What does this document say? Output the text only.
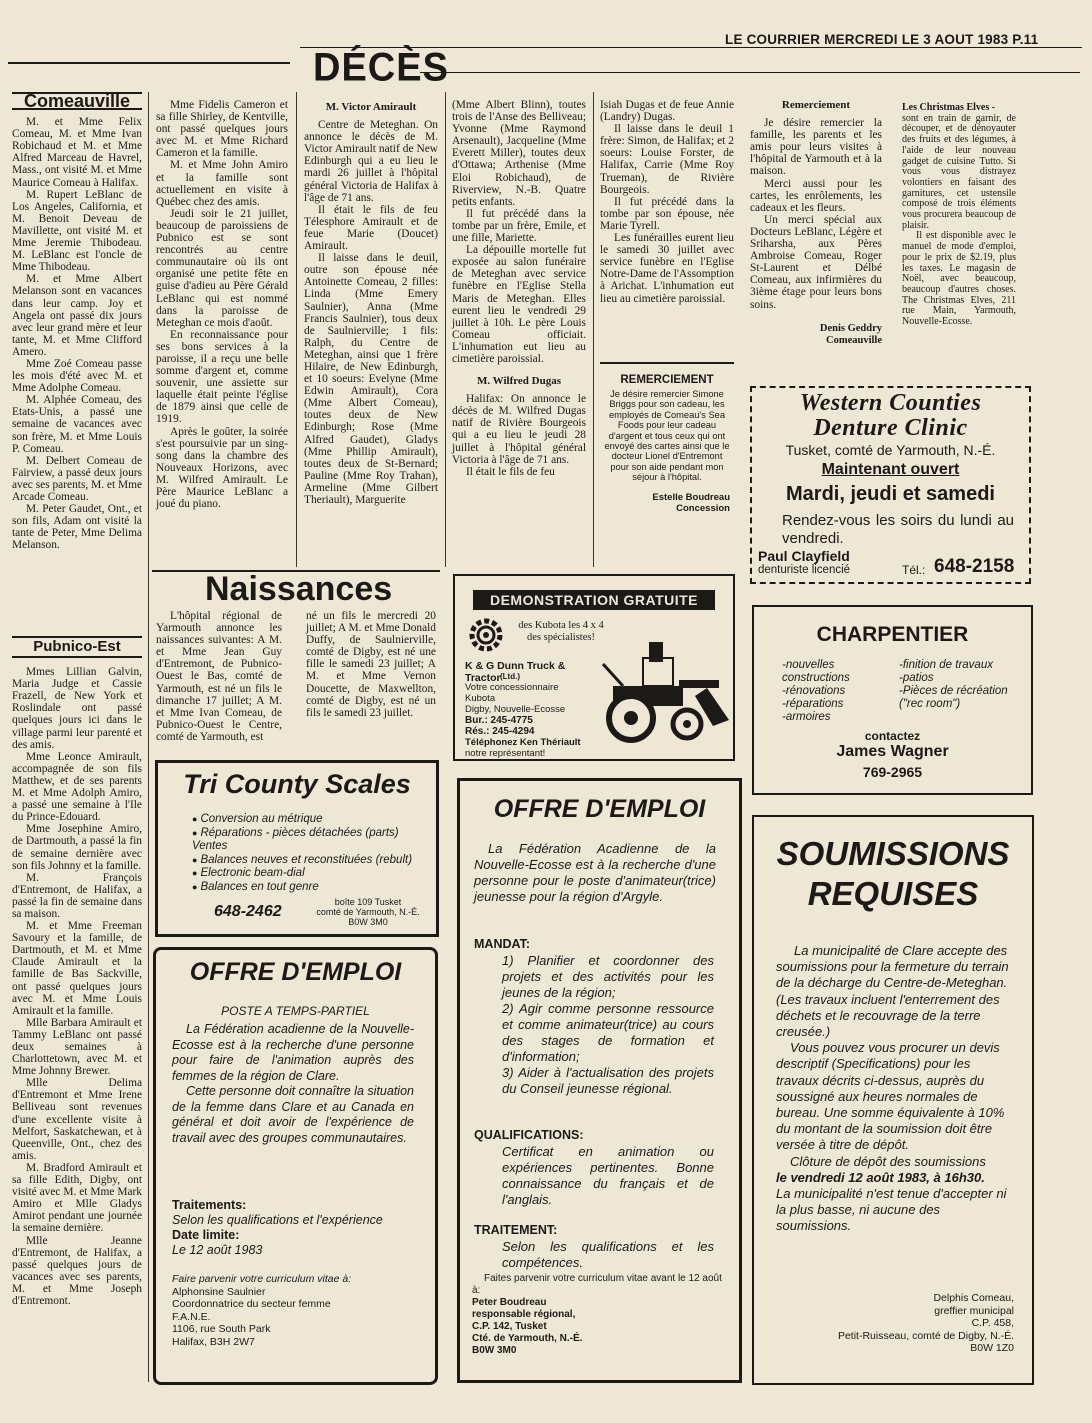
LE COURRIER MERCREDI LE 3 AOUT 1983 P.11
DÉCÈS
Comeauville

M. et Mme Felix Comeau, M. et Mme Ivan Robichaud et M. et Mme Alfred Marceau de Havrel, Mass., ont visité M. et Mme Maurice Comeau à Halifax.

M. Rupert LeBlanc de Los Angeles, California, et M. Benoit Deveau de Mavillette, ont visité M. et Mme Jeremie Thibodeau. M. LeBlanc est l'oncle de Mme Thibodeau.

M. et Mme Albert Melanson sont en vacances dans leur camp. Joy et Angela ont passé dix jours avec leur grand mère et leur tante, M. et Mme Clifford Amero.

Mme Zoé Comeau passe les mois d'été avec M. et Mme Adolphe Comeau.

M. Alphée Comeau, des Etats-Unis, a passé une semaine de vacances avec son frère, M. et Mme Louis P. Comeau.

M. Delbert Comeau de Fairview, a passé deux jours avec ses parents, M. et Mme Arcade Comeau.

M. Peter Gaudet, Ont., et son fils, Adam ont visité la tante de Peter, Mme Delima Melanson.

Pubnico-Est

Mmes Lillian Galvin, Maria Judge et Cassie Frazell, de New York et Roslindale ont passé quelques jours ici dans le village parmi leur parenté et des amis.

Mme Leonce Amirault, accompagnée de son fils Matthew, et de ses parents M. et Mme Adolph Amiro, a passé une semaine à l'Ile du Prince-Edouard.

Mme Josephine Amiro, de Dartmouth, a passé la fin de semaine dernière avec son fils Johnny et la famille.

M. François d'Entremont, de Halifax, a passé la fin de semaine dans sa maison.

M. et Mme Freeman Savoury et la famille, de Dartmouth, et M. et Mme Claude Amirault et la famille de Bas Sackville, ont passé quelques jours avec M. et Mme Louis Amirault et la famille.

Mlle Barbara Amirault et Tammy LeBlanc ont passé deux semaines à Charlottetown, avec M. et Mme Johnny Brewer.

Mlle Delima d'Entremont et Mme Irene Belliveau sont revenues d'une excellente visite à Melfort, Saskatchewan, et à Queenville, Ont., chez des amis.

M. Bradford Amirault et sa fille Edith, Digby, ont visité avec M. et Mme Mark Amiro et Mlle Gladys Amirot pendant une journée la semaine dernière.

Mlle Jeanne d'Entremont, de Halifax, a passé quelques jours de vacances avec ses parents, M. et Mme Joseph d'Entremont.

Mme Fidelis Cameron et sa fille Shirley, de Kentville, ont passé quelques jours avec M. et Mme Richard Cameron et la famille.

M. et Mme John Amiro et la famille sont actuellement en visite à Québec chez des amis.

Jeudi soir le 21 juillet, beaucoup de paroissiens de Pubnico est se sont rencontrés au centre communautaire où ils ont organisé une petite fête en guise d'adieu au Père Gérald LeBlanc qui est nommé dans la paroisse de Meteghan ce mois d'août.

En reconnaissance pour ses bons services à la paroisse, il a reçu une belle somme d'argent et, comme souvenir, une assiette sur laquelle était peinte l'église de 1879 ainsi que celle de 1919.

Après le goûter, la soirée s'est poursuivie par un sing-song dans la chambre des Nouveaux Horizons, avec M. Wilfred Amirault. Le Père Maurice LeBlanc a joué du piano.

M. Victor Amirault

Centre de Meteghan. On annonce le décès de M. Victor Amirault natif de New Edinburgh qui a eu lieu le mardi 26 juillet à l'hôpital général Victoria de Halifax à l'âge de 71 ans.

Il était le fils de feu Télesphore Amirault et de feue Marie (Doucet) Amirault.

Il laisse dans le deuil, outre son épouse née Antoinette Comeau, 2 filles: Linda (Mme Emery Saulnier), Anna (Mme Francis Saulnier), tous deux de Saulnierville; 1 fils: Ralph, du Centre de Meteghan, ainsi que 1 frère Hilaire, de New Edinburgh, et 10 soeurs: Evelyne (Mme Edwin Amirault), Cora (Mme Albert Comeau), toutes deux de New Edinburgh; Rose (Mme Alfred Gaudet), Gladys (Mme Phillip Amirault), toutes deux de St-Bernard; Pauline (Mme Roy Trahan), Armeline (Mme Gilbert Theriault), Marguerite

(Mme Albert Blinn), toutes trois de l'Anse des Belliveau; Yvonne (Mme Raymond Arsenault), Jacqueline (Mme Everett Miller), toutes deux d'Ottawa; Arthenise (Mme Eloi Robichaud), de Riverview, N.-B. Quatre petits enfants.

Il fut précédé dans la tombe par un frère, Emile, et une fille, Mariette.

La dépouille mortelle fut exposée au salon funéraire de Meteghan avec service funèbre en l'Eglise Stella Maris de Meteghan. Elles eurent lieu le vendredi 29 juillet à 10h. Le père Louis Comeau officiait. L'inhumation eut lieu au cimetière paroissial.

M. Wilfred Dugas

Halifax: On annonce le décès de M. Wilfred Dugas natif de Rivière Bourgeois qui a eu lieu le jeudi 28 juillet à l'hôpital général Victoria à l'âge de 71 ans.

Il était le fils de feu

Isiah Dugas et de feue Annie (Landry) Dugas.

Il laisse dans le deuil 1 frère: Simon, de Halifax; et 2 soeurs: Louise Forster, de Halifax, Carrie (Mme Roy Trueman), de Rivière Bourgeois.

Il fut précédé dans la tombe par son épouse, née Marie Tyrell.

Les funérailles eurent lieu le samedi 30 juillet avec service funèbre en l'Eglise Notre-Dame de l'Assomption à Arichat. L'inhumation eut lieu au cimetière paroissial.

REMERCIEMENT
Je désire remercier Simone Briggs pour son cadeau, les employés de Comeau's Sea Foods pour leur cadeau d'argent et tous ceux qui ont envoyé des cartes ainsi que le docteur Lionel d'Entremont pour son aide pendant mon séjour à l'hôpital.
Estelle Boudreau
Concession
Remerciement

Je désire remercier la famille, les parents et les amis pour leurs visites à l'hôpital de Yarmouth et à la maison.

Merci aussi pour les cartes, les enrôlements, les cadeaux et les fleurs.

Un merci spécial aux Docteurs LeBlanc, Légère et Sriharsha, aux Pères Ambroise Comeau, Roger St-Laurent et Délbé Comeau, aux infirmières du 3ième étage pour leurs bons soins.

Denis Geddry
Comeauville

Les Christmas Elves -

sont en train de garnir, de découper, et de dénoyauter des fruits et des légumes, à l'aide de leur nouveau gadget de cuisine Tutto. Si vous vous distrayez volontiers en faisant des garnitures, cet ustensile composé de trois éléments vous procurera beaucoup de plaisir.

Il est disponible avec le manuel de mode d'emploi, pour le prix de $2.19, plus les taxes. Le magasin de Noël, avec beaucoup, beaucoup d'autres choses. The Christmas Elves, 211 rue Main, Yarmouth, Nouvelle-Ecosse.

Western Counties
Denture Clinic
Tusket, comté de Yarmouth, N.-É.
Maintenant ouvert
Mardi, jeudi et samedi
Rendez-vous les soirs du lundi au vendredi.
Paul Clayfield
denturiste licencié	Tél.: 648-2158
Naissances

L'hôpital régional de Yarmouth annonce les naissances suivantes: A M. et Mme Jean Guy d'Entremont, de Pubnico-Ouest le Bas, comté de Yarmouth, est né un fils le dimanche 17 juillet; A M. et Mme Ivan Comeau, de Pubnico-Ouest le Centre, comté de Yarmouth, est

né un fils le mercredi 20 juillet; A M. et Mme Donald Duffy, de Saulnierville, comté de Digby, est né une fille le samedi 23 juillet; A M. et Mme Vernon Doucette, de Maxwellton, comté de Digby, est né un fils le samedi 23 juillet.

DEMONSTRATION GRATUITE
des Kubota les 4 x 4 des spécialistes!
K & G Dunn Truck & Tractor (Ltd.)
Votre concessionnaire Kubota
Digby, Nouvelle-Ecosse
Bur.: 245-4775
Rés.: 245-4294
Téléphonez Ken Thériault
notre représentant!
CHARPENTIER
-nouvelles constructions
-rénovations
-réparations
-armoires
-finition de travaux
-patios
-Pièces de récréation ("rec room")
contactez
James Wagner
769-2965
Tri County Scales
● Conversion au métrique
● Réparations - pièces détachées (parts) Ventes
● Balances neuves et reconstituées (rebult)
● Electronic beam-dial
● Balances en tout genre
648-2462
boîte 109 Tusket
comté de Yarmouth, N.-É.
B0W 3M0
OFFRE D'EMPLOI
POSTE A TEMPS-PARTIEL
La Fédération acadienne de la Nouvelle-Ecosse est à la recherche d'une personne pour faire de l'animation auprès des femmes de la région de Clare.
Cette personne doit connaître la situation de la femme dans Clare et au Canada en général et doit avoir de l'expérience de travail avec des groupes communautaires.
Traitements:
Selon les qualifications et l'expérience
Date limite:
Le 12 août 1983
Faire parvenir votre curriculum vitae à:
Alphonsine Saulnier
Coordonnatrice du secteur femme
F.A.N.E.
1106, rue South Park
Halifax, B3H 2W7
OFFRE D'EMPLOI
La Fédération Acadienne de la Nouvelle-Ecosse est à la recherche d'une personne pour le poste d'animateur(trice) jeunesse pour la région d'Argyle.
MANDAT:
1) Planifier et coordonner des projets et des activités pour les jeunes de la région;
2) Agir comme personne ressource et comme animateur(trice) au cours des stages de formation et d'information;
3) Aider à l'actualisation des projets du Conseil jeunesse régional.
QUALIFICATIONS:
Certificat en animation ou expériences pertinentes. Bonne connaissance du français et de l'anglais.
TRAITEMENT:
Selon les qualifications et les compétences.
Faites parvenir votre curriculum vitae avant le 12 août à:
Peter Boudreau
responsable régional,
C.P. 142, Tusket
Cté. de Yarmouth, N.-É.
B0W 3M0
SOUMISSIONS
REQUISES
La municipalité de Clare accepte des soumissions pour la fermeture du terrain de la décharge du Centre-de-Meteghan. (Les travaux incluent l'enterrement des déchets et le recouvrage de la terre creusée.)
Vous pouvez vous procurer un devis descriptif (Specifications) pour les travaux décrits ci-dessus, auprès du soussigné aux heures normales de bureau. Une somme équivalente à 10% du montant de la soumission doit être versée à titre de dépôt.
Clôture de dépôt des soumissions
le vendredi 12 août 1983, à 16h30.
La municipalité n'est tenue d'accepter ni la plus basse, ni aucune des soumissions.
Delphis Comeau,
greffier municipal
C.P. 458,
Petit-Ruisseau, comté de Digby, N.-É.
B0W 1Z0
